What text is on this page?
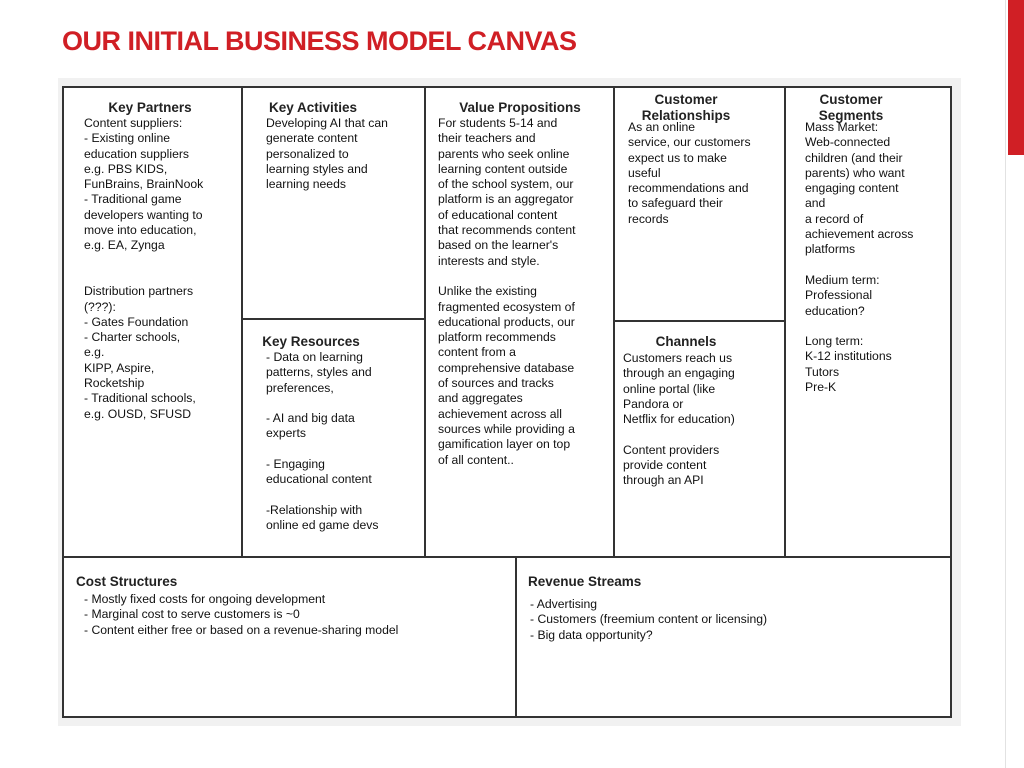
OUR INITIAL BUSINESS MODEL CANVAS
Key Partners
Content suppliers:
- Existing online
education suppliers
e.g. PBS KIDS,
FunBrains, BrainNook
- Traditional game
developers wanting to
move into education,
e.g. EA, Zynga

Distribution partners
(???):
- Gates Foundation
- Charter schools,
e.g.
KIPP, Aspire,
Rocketship
- Traditional schools,
e.g. OUSD, SFUSD
Key Activities
Developing AI that can
generate content
personalized to
learning styles and
learning needs
Key Resources
- Data on learning
patterns, styles and
preferences,

- AI and big data
experts

- Engaging
educational content

-Relationship with
online ed game devs
Value Propositions
For students 5-14 and
their teachers and
parents who seek online
learning content outside
of the school system, our
platform is an aggregator
of educational content
that recommends content
based on the learner's
interests and style.

Unlike the existing
fragmented ecosystem of
educational products, our
platform recommends
content from a
comprehensive database
of sources and tracks
and aggregates
achievement across all
sources while providing a
gamification layer on top
of all content..
Customer
Relationships
As an online
service, our customers
expect us to make
useful
recommendations and
to safeguard their
records
Channels
Customers reach us
through an engaging
online portal (like
Pandora or
Netflix for education)

Content providers
provide content
through an API
Customer
Segments
Mass Market:
Web-connected
children (and their
parents) who want
engaging content
and
a record of
achievement across
platforms

Medium term:
Professional
education?

Long term:
K-12 institutions
Tutors
Pre-K
Cost Structures
- Mostly fixed costs for ongoing development
- Marginal cost to serve customers is ~0
- Content either free or based on a revenue-sharing model
Revenue Streams
- Advertising
- Customers (freemium content or licensing)
- Big data opportunity?
